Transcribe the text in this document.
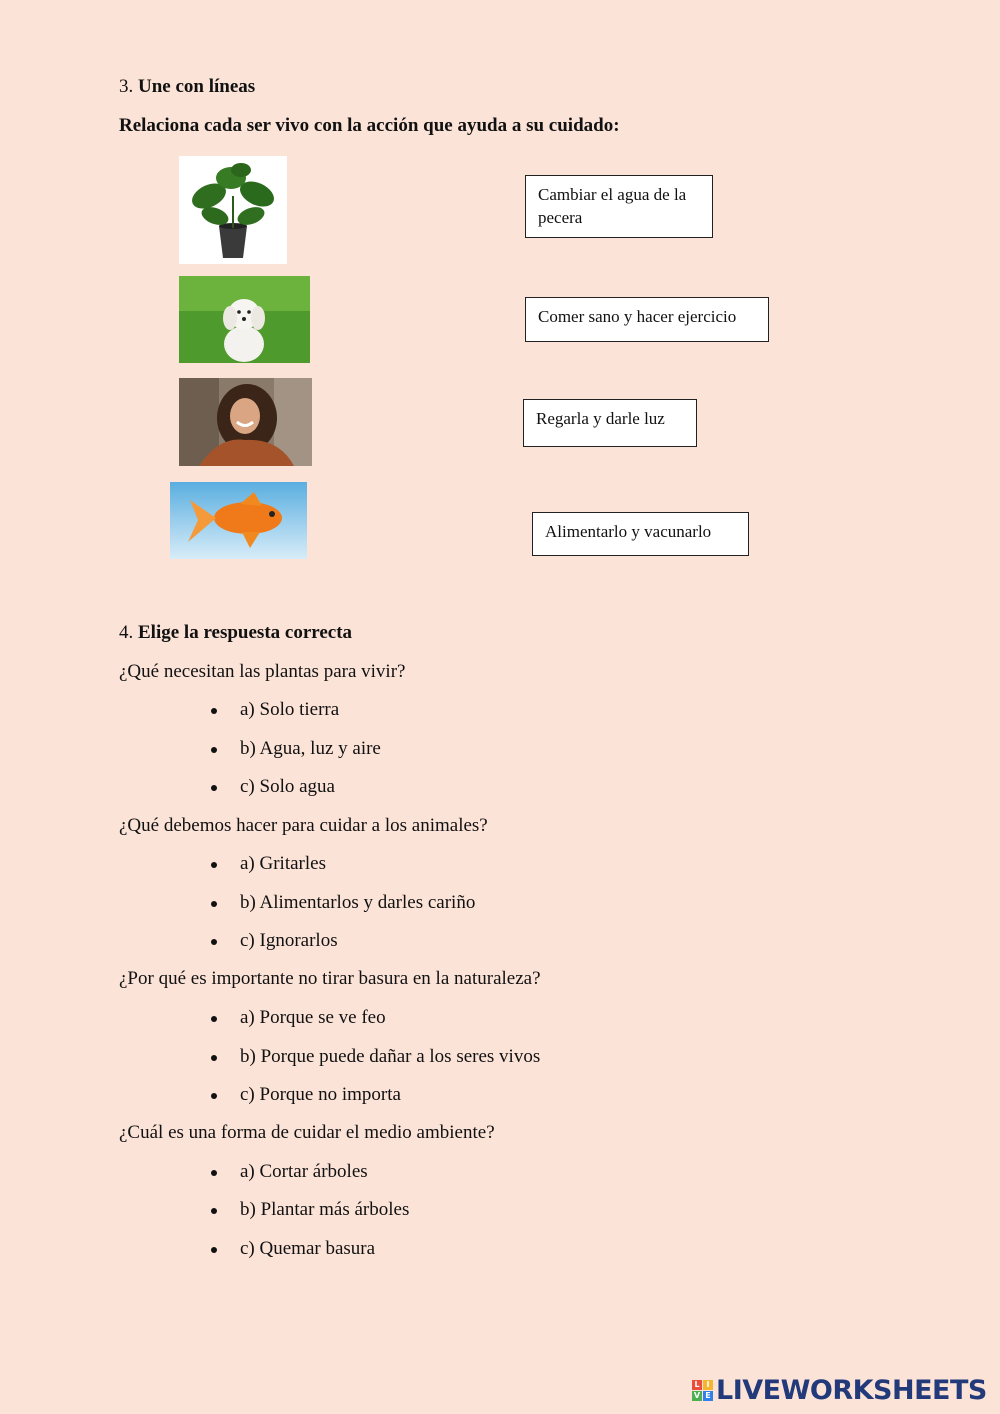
3. Une con líneas
Relaciona cada ser vivo con la acción que ayuda a su cuidado:
Cambiar el agua de la pecera
Comer sano y hacer ejercicio
Regarla y darle luz
Alimentarlo y vacunarlo
4. Elige la respuesta correcta
¿Qué necesitan las plantas para vivir?
a) Solo tierra
b) Agua, luz y aire
c) Solo agua
¿Qué debemos hacer para cuidar a los animales?
a) Gritarles
b) Alimentarlos y darles cariño
c) Ignorarlos
¿Por qué es importante no tirar basura en la naturaleza?
a) Porque se ve feo
b) Porque puede dañar a los seres vivos
c) Porque no importa
¿Cuál es una forma de cuidar el medio ambiente?
a) Cortar árboles
b) Plantar más árboles
c) Quemar basura
L I
V E LIVEWORKSHEETS
